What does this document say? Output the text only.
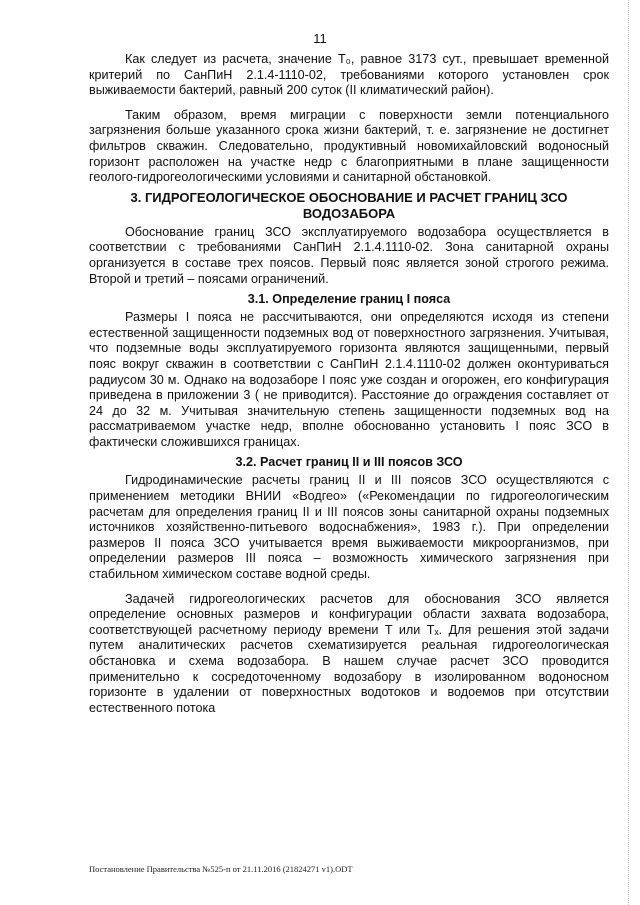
11

Как следует из расчета, значение T₀, равное 3173 сут., превышает временной критерий по СанПиН 2.1.4-1110-02, требованиями которого установлен срок выживаемости бактерий, равный 200 суток (II климатический район).

Таким образом, время миграции с поверхности земли потенциального загрязнения больше указанного срока жизни бактерий, т. е. загрязнение не достигнет фильтров скважин. Следовательно, продуктивный новомихайловский водоносный горизонт расположен на участке недр с благоприятными в плане защищенности геолого-гидрогеологическими условиями и санитарной обстановкой.

3. ГИДРОГЕОЛОГИЧЕСКОЕ ОБОСНОВАНИЕ И РАСЧЕТ ГРАНИЦ ЗСО ВОДОЗАБОРА

Обоснование границ ЗСО эксплуатируемого водозабора осуществляется в соответствии с требованиями СанПиН 2.1.4.1110-02. Зона санитарной охраны организуется в составе трех поясов. Первый пояс является зоной строгого режима. Второй и третий – поясами ограничений.

3.1. Определение границ I пояса

Размеры I пояса не рассчитываются, они определяются исходя из степени естественной защищенности подземных вод от поверхностного загрязнения. Учитывая, что подземные воды эксплуатируемого горизонта являются защищенными, первый пояс вокруг скважин в соответствии с СанПиН 2.1.4.1110-02 должен оконтуриваться радиусом 30 м. Однако на водозаборе I пояс уже создан и огорожен, его конфигурация приведена в приложении 3 ( не приводится). Расстояние до ограждения составляет от 24 до 32 м. Учитывая значительную степень защищенности подземных вод на рассматриваемом участке недр, вполне обоснованно установить I пояс ЗСО в фактически сложившихся границах.

3.2. Расчет границ II и III поясов ЗСО

Гидродинамические расчеты границ II и III поясов ЗСО осуществляются с применением методики ВНИИ «Водгео» («Рекомендации по гидрогеологическим расчетам для определения границ II и III поясов зоны санитарной охраны подземных источников хозяйственно-питьевого водоснабжения», 1983 г.). При определении размеров II пояса ЗСО учитывается время выживаемости микроорганизмов, при определении размеров III пояса – возможность химического загрязнения при стабильном химическом составе водной среды.

Задачей гидрогеологических расчетов для обоснования ЗСО является определение основных размеров и конфигурации области захвата водозабора, соответствующей расчетному периоду времени T или Tₓ. Для решения этой задачи путем аналитических расчетов схематизируется реальная гидрогеологическая обстановка и схема водозабора. В нашем случае расчет ЗСО проводится применительно к сосредоточенному водозабору в изолированном водоносном горизонте в удалении от поверхностных водотоков и водоемов при отсутствии естественного потока

Постановление Правительства №525-п от 21.11.2016 (21824271 v1).ODT
